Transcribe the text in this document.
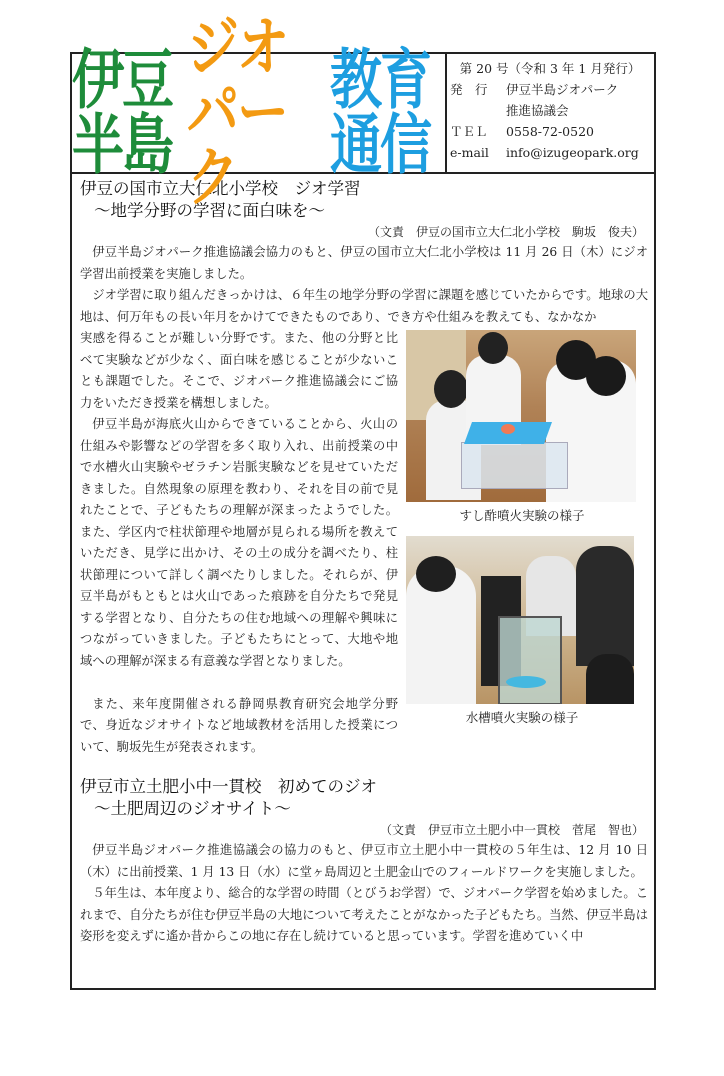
伊豆半島
ジオパーク
教育通信
第 20 号（令和 3 年 1 月発行）
発　行	伊豆半島ジオパーク
推進協議会
ＴＥＬ	0558-72-0520
e-mail	info@izugeopark.org
伊豆の国市立大仁北小学校　ジオ学習
～地学分野の学習に面白味を～
（文責　伊豆の国市立大仁北小学校　駒坂　俊夫）

伊豆半島ジオパーク推進協議会協力のもと、伊豆の国市立大仁北小学校は 11 月 26 日（木）にジオ学習出前授業を実施しました。

ジオ学習に取り組んだきっかけは、６年生の地学分野の学習に課題を感じていたからです。地球の大地は、何万年もの長い年月をかけてできたものであり、でき方や仕組みを教えても、なかなか

実感を得ることが難しい分野です。また、他の分野と比べて実験などが少なく、面白味を感じることが少ないことも課題でした。そこで、ジオパーク推進協議会にご協力をいただき授業を構想しました。

伊豆半島が海底火山からできていることから、火山の仕組みや影響などの学習を多く取り入れ、出前授業の中で水槽火山実験やゼラチン岩脈実験などを見せていただきました。自然現象の原理を教わり、それを目の前で見れたことで、子どもたちの理解が深まったようでした。また、学区内で柱状節理や地層が見られる場所を教えていただき、見学に出かけ、その土の成分を調べたり、柱状節理について詳しく調べたりしました。それらが、伊豆半島がもともとは火山であった痕跡を自分たちで発見する学習となり、自分たちの住む地域への理解や興味につながっていきました。子どもたちにとって、大地や地域への理解が深まる有意義な学習となりました。

また、来年度開催される静岡県教育研究会地学分野で、身近なジオサイトなど地域教材を活用した授業について、駒坂先生が発表されます。

すし酢噴火実験の様子
水槽噴火実験の様子
伊豆市立土肥小中一貫校　初めてのジオ
～土肥周辺のジオサイト～
（文責　伊豆市立土肥小中一貫校　菅尾　智也）

伊豆半島ジオパーク推進協議会の協力のもと、伊豆市立土肥小中一貫校の５年生は、12 月 10 日（木）に出前授業、1 月 13 日（水）に堂ヶ島周辺と土肥金山でのフィールドワークを実施しました。

５年生は、本年度より、総合的な学習の時間（とびうお学習）で、ジオパーク学習を始めました。これまで、自分たちが住む伊豆半島の大地について考えたことがなかった子どもたち。当然、伊豆半島は姿形を変えずに遙か昔からこの地に存在し続けていると思っています。学習を進めていく中
